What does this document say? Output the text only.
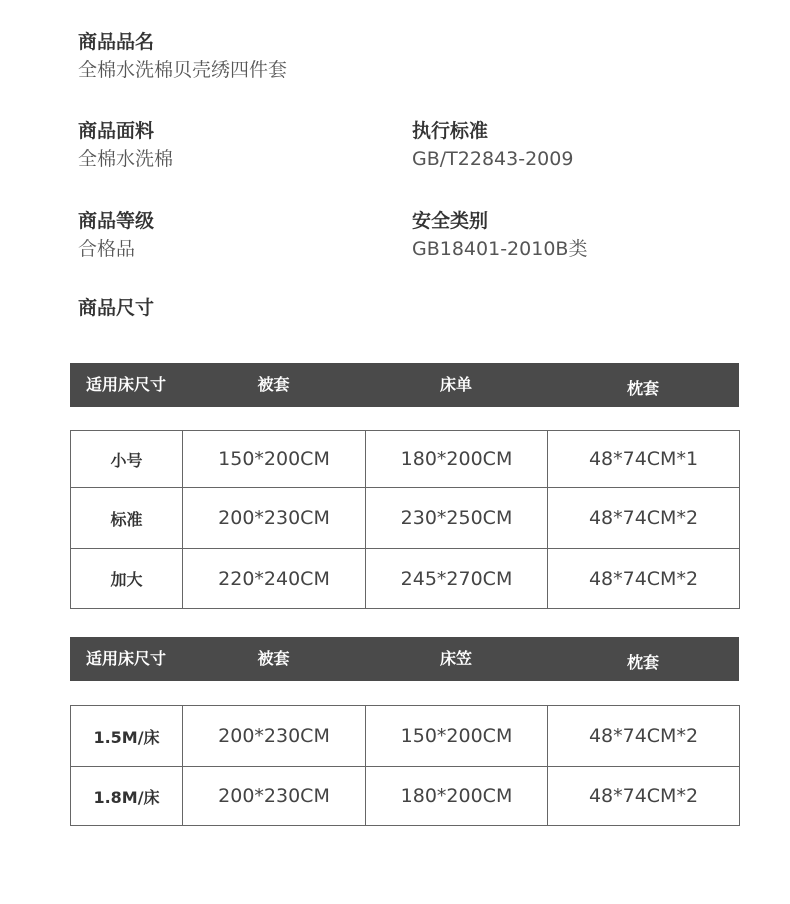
商品品名
全棉水洗棉贝壳绣四件套
商品面料
全棉水洗棉
执行标准
GB/T22843-2009
商品等级
合格品
安全类别
GB18401-2010B类
商品尺寸
适用床尺寸	被套	床单	枕套
小号	150*200CM	180*200CM	48*74CM*1
标准	200*230CM	230*250CM	48*74CM*2
加大	220*240CM	245*270CM	48*74CM*2
适用床尺寸	被套	床笠	枕套
1.5M/床	200*230CM	150*200CM	48*74CM*2
1.8M/床	200*230CM	180*200CM	48*74CM*2
